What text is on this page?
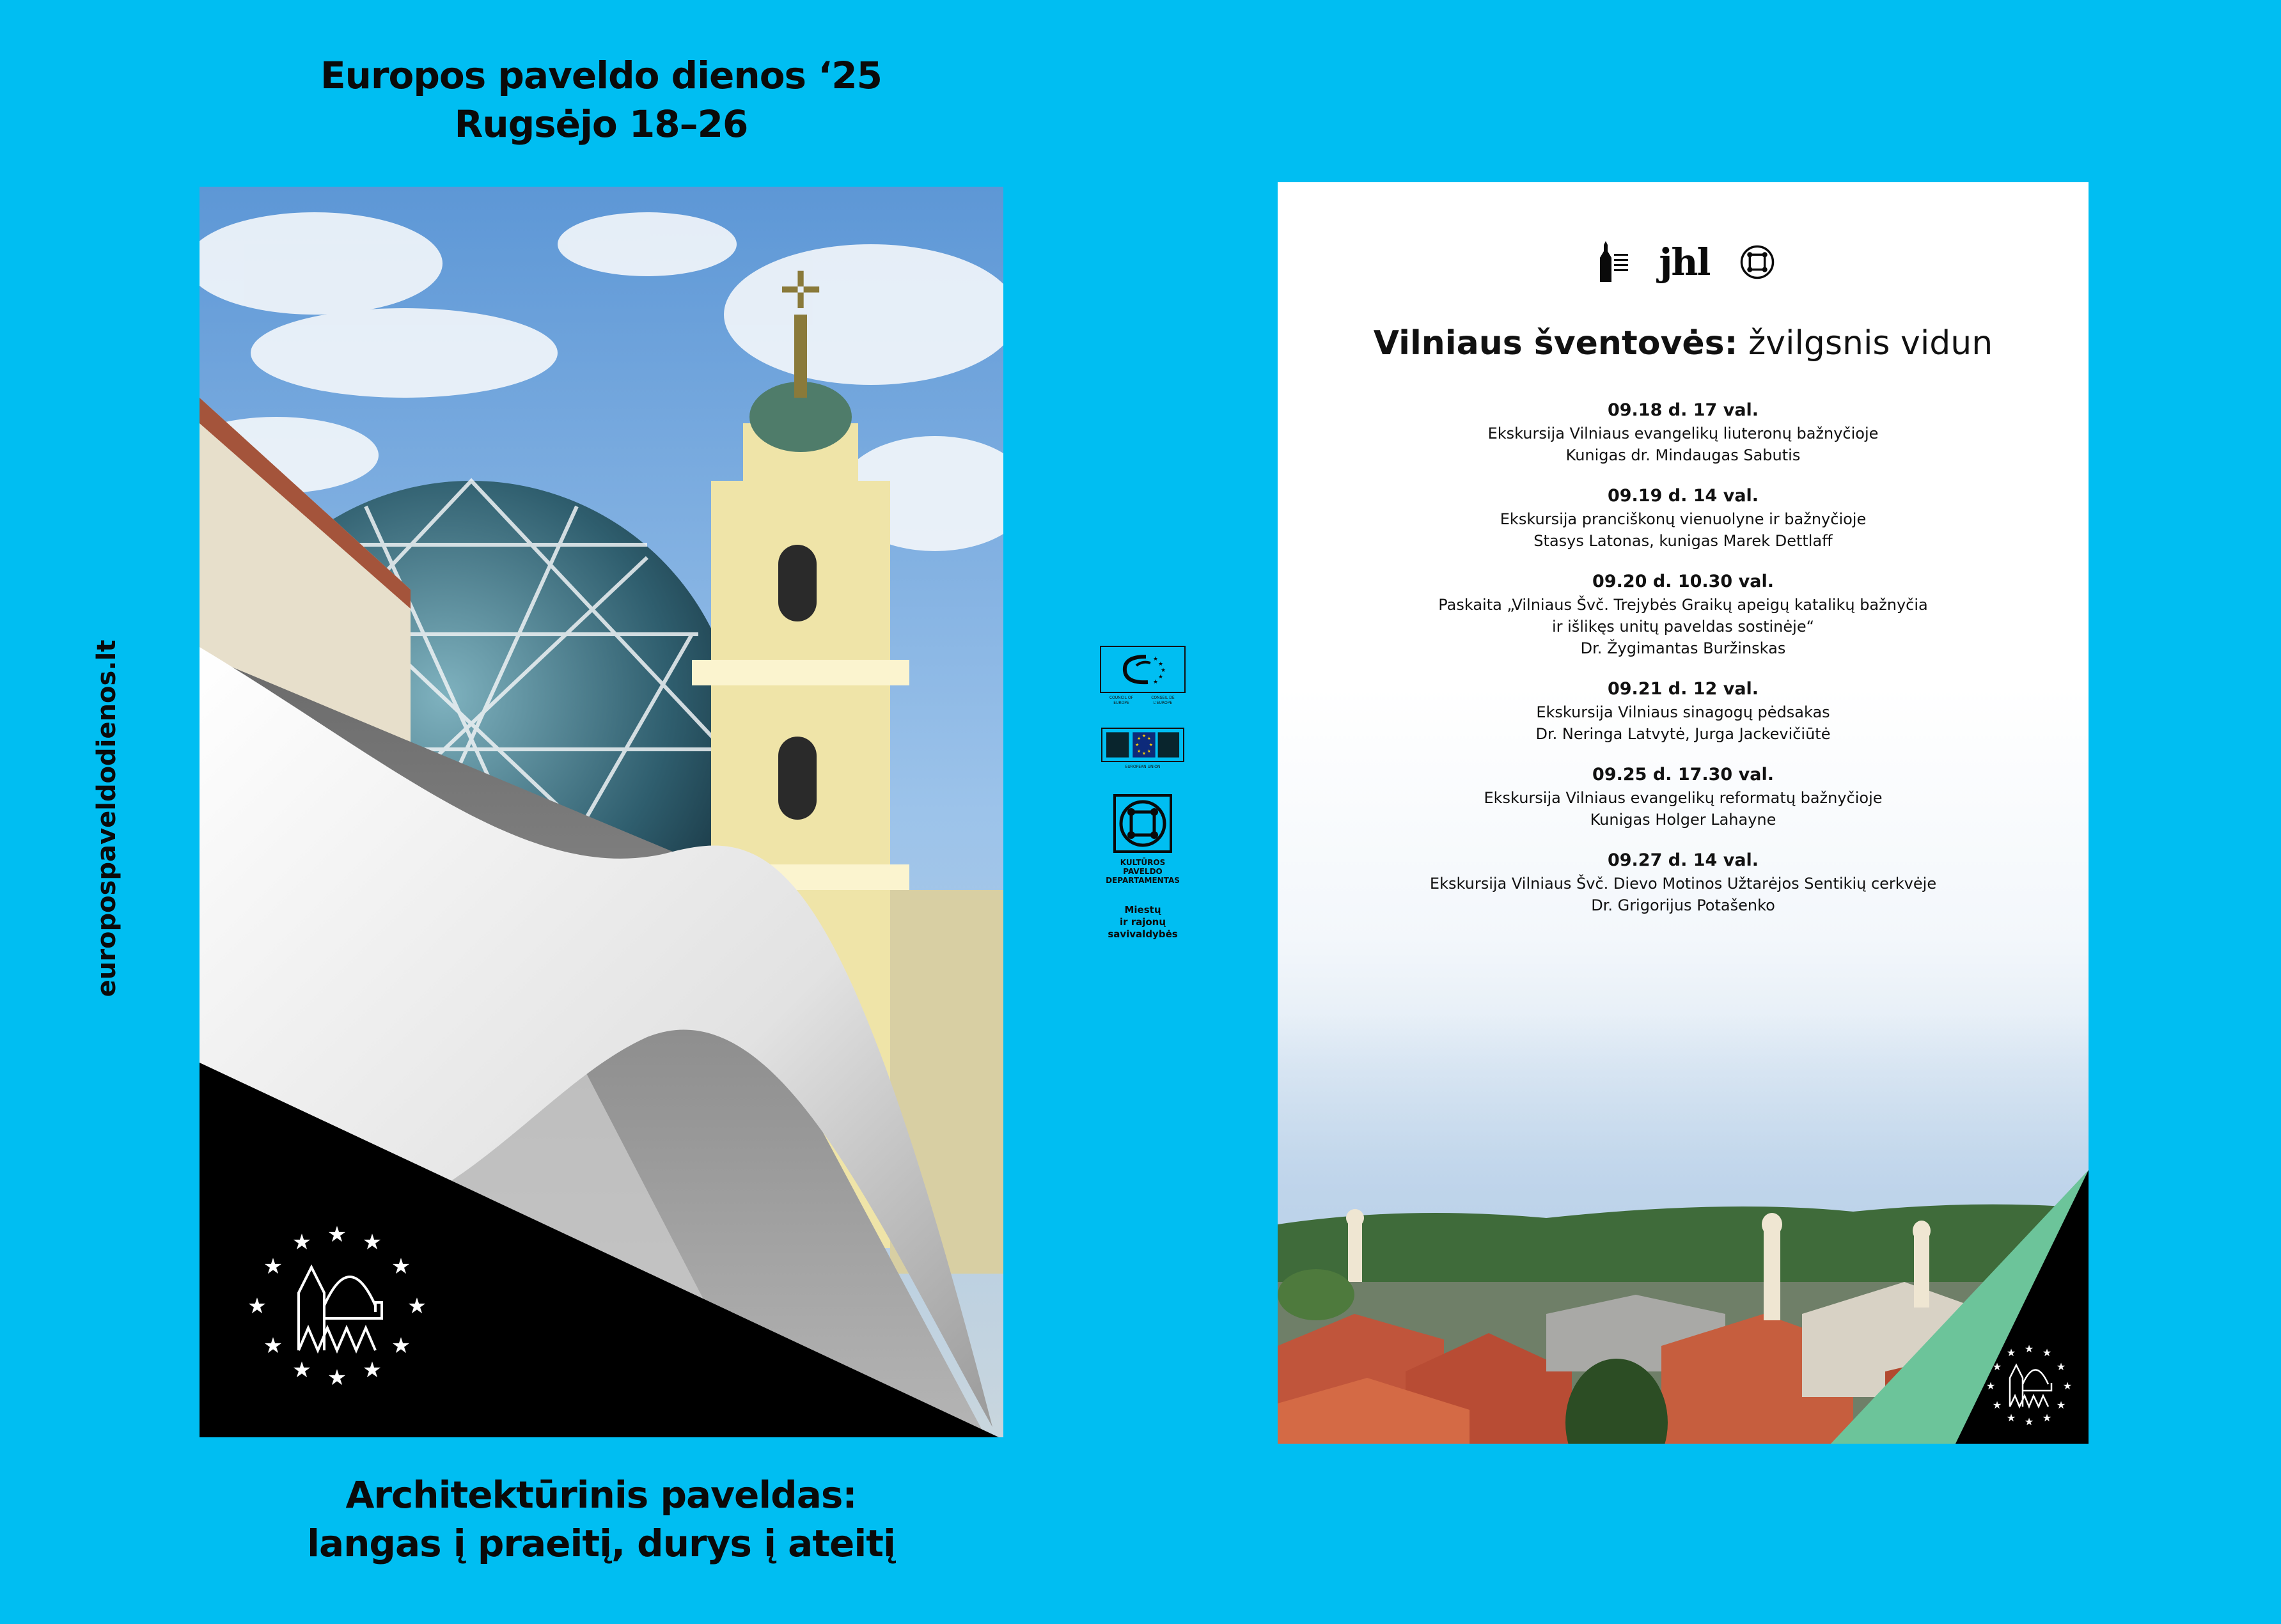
Europos paveldo dienos ‘25
Rugsėjo 18–26
europospaveldodienos.lt
✛
★ ★
★
★
★
★
★
★
★
★
★ ★
Architektūrinis paveldas:
langas į praeitį, durys į ateitį
★
★
★
★
★
COUNCIL OF EUROPE
CONSEIL DE L'EUROPE
★ ★
★
★
★
★
★
★
EUROPEAN UNION
KULTŪROS
PAVELDO
DEPARTAMENTAS
Miestų
ir rajonų
savivaldybės
jhl
Vilniaus šventovės: žvilgsnis vidun
09.18 d. 17 val.
Ekskursija Vilniaus evangelikų liuteronų bažnyčioje
Kunigas dr. Mindaugas Sabutis
09.19 d. 14 val.
Ekskursija pranciškonų vienuolyne ir bažnyčioje
Stasys Latonas, kunigas Marek Dettlaff
09.20 d. 10.30 val.
Paskaita „Vilniaus Švč. Trejybės Graikų apeigų katalikų bažnyčia
ir išlikęs unitų paveldas sostinėje“
Dr. Žygimantas Buržinskas
09.21 d. 12 val.
Ekskursija Vilniaus sinagogų pėdsakas
Dr. Neringa Latvytė, Jurga Jackevičiūtė
09.25 d. 17.30 val.
Ekskursija Vilniaus evangelikų reformatų bažnyčioje
Kunigas Holger Lahayne
09.27 d. 14 val.
Ekskursija Vilniaus Švč. Dievo Motinos Užtarėjos Sentikių cerkvėje
Dr. Grigorijus Potašenko
★ ★
★
★
★
★
★
★
★
★
★ ★
